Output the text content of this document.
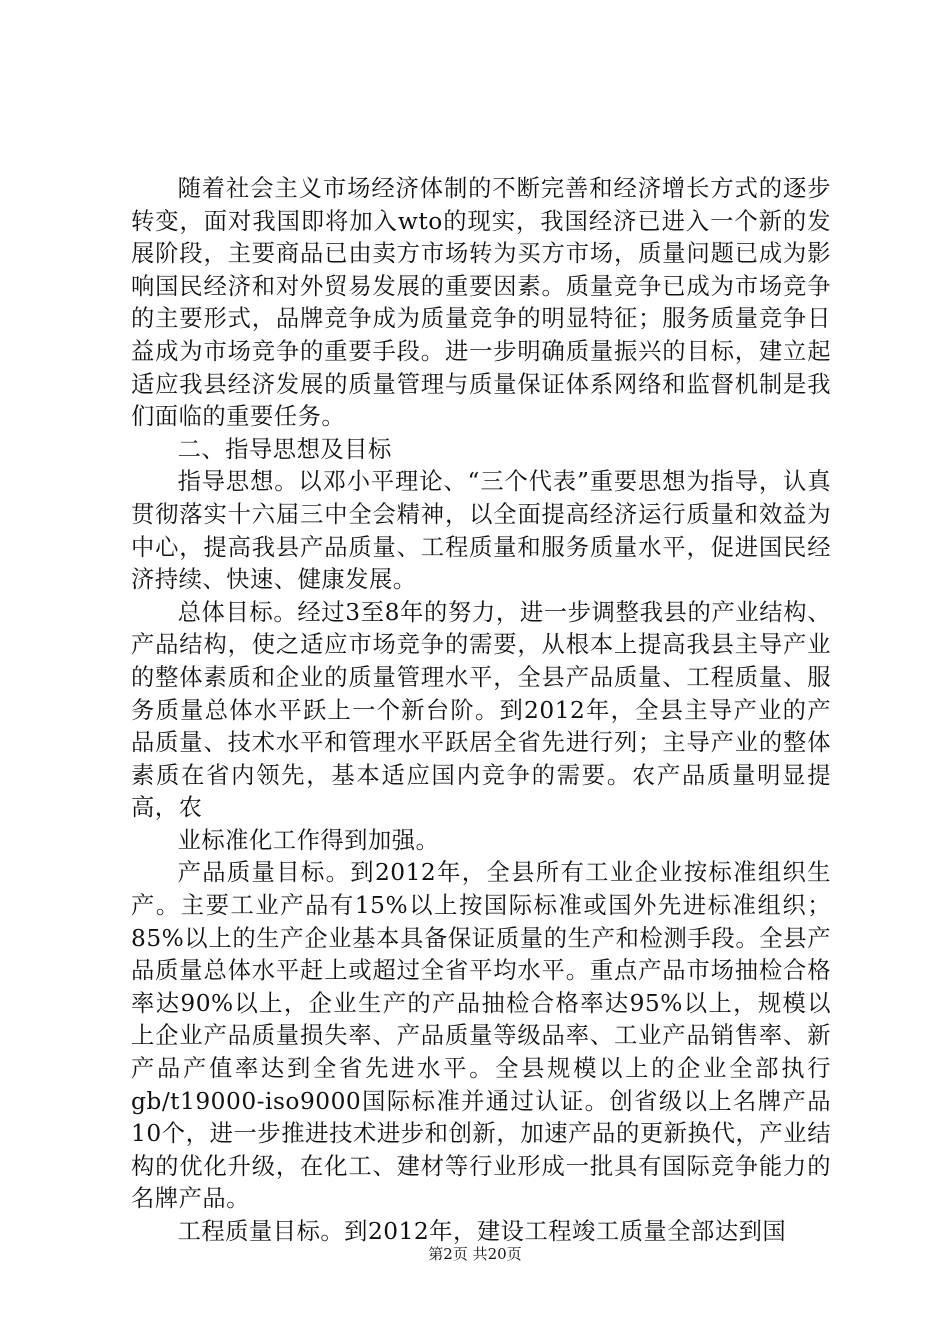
随着社会主义市场经济体制的不断完善和经济增长方式的逐步转变，面对我国即将加入wto的现实，我国经济已进入一个新的发展阶段，主要商品已由卖方市场转为买方市场，质量问题已成为影响国民经济和对外贸易发展的重要因素。质量竞争已成为市场竞争的主要形式，品牌竞争成为质量竞争的明显特征；服务质量竞争日益成为市场竞争的重要手段。进一步明确质量振兴的目标，建立起适应我县经济发展的质量管理与质量保证体系网络和监督机制是我们面临的重要任务。

二、指导思想及目标

指导思想。以邓小平理论、“三个代表”重要思想为指导，认真贯彻落实十六届三中全会精神，以全面提高经济运行质量和效益为中心，提高我县产品质量、工程质量和服务质量水平，促进国民经济持续、快速、健康发展。

总体目标。经过3至8年的努力，进一步调整我县的产业结构、产品结构，使之适应市场竞争的需要，从根本上提高我县主导产业的整体素质和企业的质量管理水平，全县产品质量、工程质量、服务质量总体水平跃上一个新台阶。到2012年，全县主导产业的产品质量、技术水平和管理水平跃居全省先进行列；主导产业的整体素质在省内领先，基本适应国内竞争的需要。农产品质量明显提高，农

业标准化工作得到加强。

产品质量目标。到2012年，全县所有工业企业按标准组织生产。主要工业产品有15%以上按国际标准或国外先进标准组织；85%以上的生产企业基本具备保证质量的生产和检测手段。全县产品质量总体水平赶上或超过全省平均水平。重点产品市场抽检合格率达90%以上，企业生产的产品抽检合格率达95%以上，规模以上企业产品质量损失率、产品质量等级品率、工业产品销售率、新产品产值率达到全省先进水平。全县规模以上的企业全部执行gb/t19000-iso9000国际标准并通过认证。创省级以上名牌产品10个，进一步推进技术进步和创新，加速产品的更新换代，产业结构的优化升级，在化工、建材等行业形成一批具有国际竞争能力的名牌产品。

工程质量目标。到2012年，建设工程竣工质量全部达到国

第2页 共20页
